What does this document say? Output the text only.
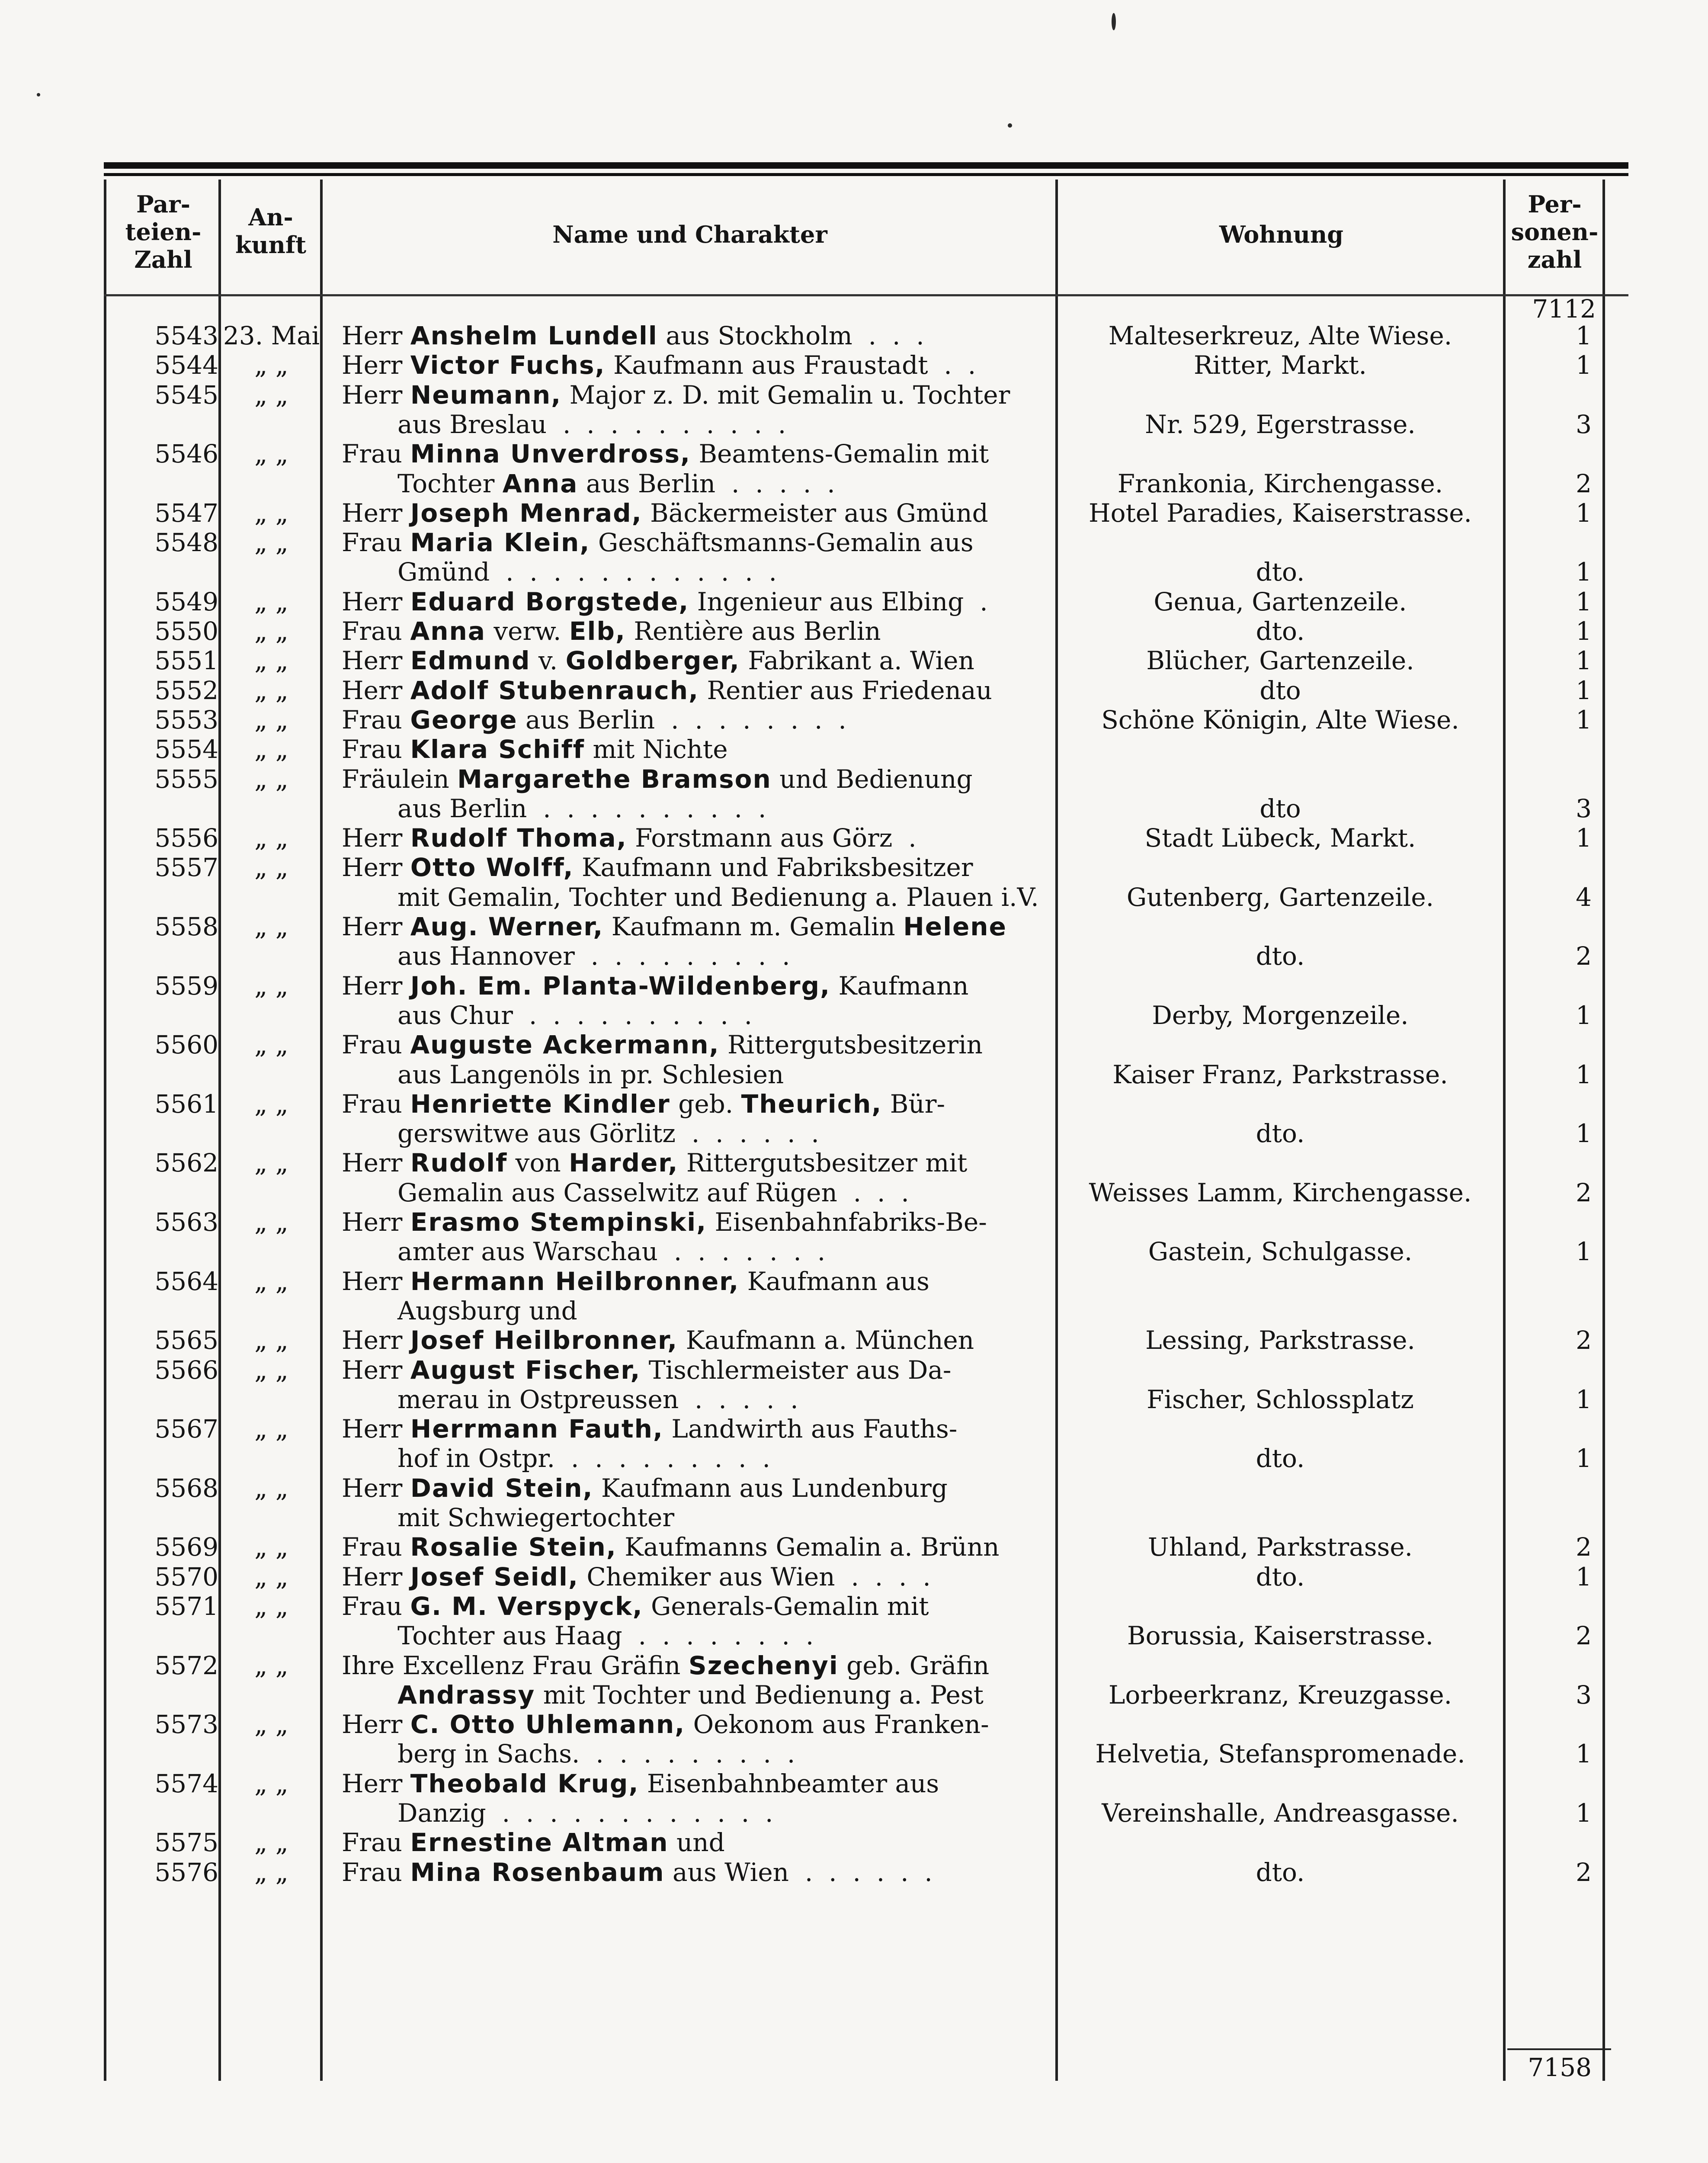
Par-
teien-
Zahl
An-
kunft	Name und Charakter	Wohnung
Per-
sonen-
zahl
7112
5543 23. Mai Herr Anshelm Lundell aus Stockholm  .  .  .	Malteserkreuz, Alte Wiese.	1
5544	„ „	Herr Victor Fuchs, Kaufmann aus Fraustadt  .  .	Ritter, Markt.	1
5545	„ „	Herr Neumann, Major z. D. mit Gemalin u. Tochter
aus Breslau  .  .  .  .  .  .  .  .  .  .	Nr. 529, Egerstrasse.	3
5546	„ „	Frau Minna Unverdross, Beamtens-Gemalin mit
Tochter Anna aus Berlin  .  .  .  .  .	Frankonia, Kirchengasse.	2
5547	„ „	Herr Joseph Menrad, Bäckermeister aus Gmünd	Hotel Paradies, Kaiserstrasse.	1
5548	„ „	Frau Maria Klein, Geschäftsmanns-Gemalin aus
Gmünd  .  .  .  .  .  .  .  .  .  .  .  .	dto.	1
5549	„ „	Herr Eduard Borgstede, Ingenieur aus Elbing  .	Genua, Gartenzeile.	1
5550	„ „	Frau Anna verw. Elb, Rentière aus Berlin	dto.	1
5551	„ „	Herr Edmund v. Goldberger, Fabrikant a. Wien	Blücher, Gartenzeile.	1
5552	„ „	Herr Adolf Stubenrauch, Rentier aus Friedenau	dto	1
5553	„ „	Frau George aus Berlin  .  .  .  .  .  .  .  .	Schöne Königin, Alte Wiese.	1
5554	„ „	Frau Klara Schiff mit Nichte
5555	„ „	Fräulein Margarethe Bramson und Bedienung
aus Berlin  .  .  .  .  .  .  .  .  .  .	dto	3
5556	„ „	Herr Rudolf Thoma, Forstmann aus Görz  .	Stadt Lübeck, Markt.	1
5557	„ „	Herr Otto Wolff, Kaufmann und Fabriksbesitzer
mit Gemalin, Tochter und Bedienung a. Plauen i.V.	Gutenberg, Gartenzeile.	4
5558	„ „	Herr Aug. Werner, Kaufmann m. Gemalin Helene
aus Hannover  .  .  .  .  .  .  .  .  .	dto.	2
5559	„ „	Herr Joh. Em. Planta-Wildenberg, Kaufmann
aus Chur  .  .  .  .  .  .  .  .  .  .	Derby, Morgenzeile.	1
5560	„ „	Frau Auguste Ackermann, Rittergutsbesitzerin
aus Langenöls in pr. Schlesien	Kaiser Franz, Parkstrasse.	1
5561	„ „	Frau Henriette Kindler geb. Theurich, Bür-
gerswitwe aus Görlitz  .  .  .  .  .  .	dto.	1
5562	„ „	Herr Rudolf von Harder, Rittergutsbesitzer mit
Gemalin aus Casselwitz auf Rügen  .  .  .	Weisses Lamm, Kirchengasse.	2
5563	„ „	Herr Erasmo Stempinski, Eisenbahnfabriks-Be-
amter aus Warschau  .  .  .  .  .  .  .	Gastein, Schulgasse.	1
5564	„ „	Herr Hermann Heilbronner, Kaufmann aus
Augsburg und
5565	„ „	Herr Josef Heilbronner, Kaufmann a. München	Lessing, Parkstrasse.	2
5566	„ „	Herr August Fischer, Tischlermeister aus Da-
merau in Ostpreussen  .  .  .  .  .	Fischer, Schlossplatz	1
5567	„ „	Herr Herrmann Fauth, Landwirth aus Fauths-
hof in Ostpr.  .  .  .  .  .  .  .  .  .	dto.	1
5568	„ „	Herr David Stein, Kaufmann aus Lundenburg
mit Schwiegertochter
5569	„ „	Frau Rosalie Stein, Kaufmanns Gemalin a. Brünn	Uhland, Parkstrasse.	2
5570	„ „	Herr Josef Seidl, Chemiker aus Wien  .  .  .  .	dto.	1
5571	„ „	Frau G. M. Verspyck, Generals-Gemalin mit
Tochter aus Haag  .  .  .  .  .  .  .  .	Borussia, Kaiserstrasse.	2
5572	„ „	Ihre Excellenz Frau Gräfin Szechenyi geb. Gräfin
Andrassy mit Tochter und Bedienung a. Pest	Lorbeerkranz, Kreuzgasse.	3
5573	„ „	Herr C. Otto Uhlemann, Oekonom aus Franken-
berg in Sachs.  .  .  .  .  .  .  .  .  .	Helvetia, Stefanspromenade.	1
5574	„ „	Herr Theobald Krug, Eisenbahnbeamter aus
Danzig  .  .  .  .  .  .  .  .  .  .  .  .	Vereinshalle, Andreasgasse.	1
5575	„ „	Frau Ernestine Altman und
5576	„ „	Frau Mina Rosenbaum aus Wien  .  .  .  .  .  .	dto.	2
7158
